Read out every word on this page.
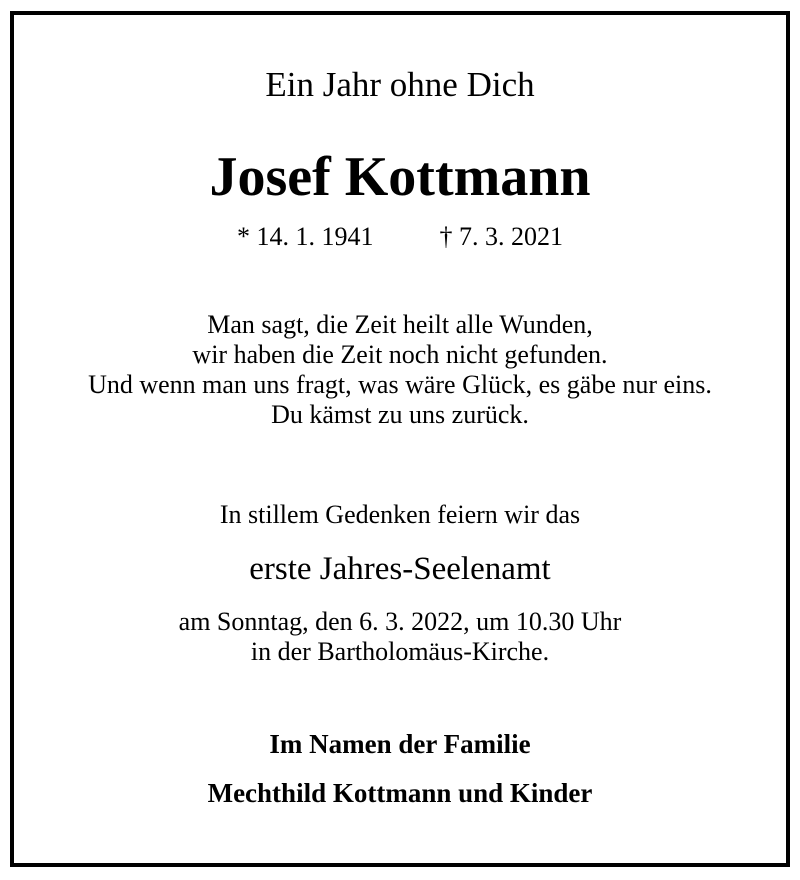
Ein Jahr ohne Dich
Josef Kottmann
* 14. 1. 1941	† 7. 3. 2021
Man sagt, die Zeit heilt alle Wunden,
wir haben die Zeit noch nicht gefunden.
Und wenn man uns fragt, was wäre Glück, es gäbe nur eins.
Du kämst zu uns zurück.
In stillem Gedenken feiern wir das
erste Jahres-Seelenamt
am Sonntag, den 6. 3. 2022, um 10.30 Uhr
in der Bartholomäus-Kirche.
Im Namen der Familie
Mechthild Kottmann und Kinder
